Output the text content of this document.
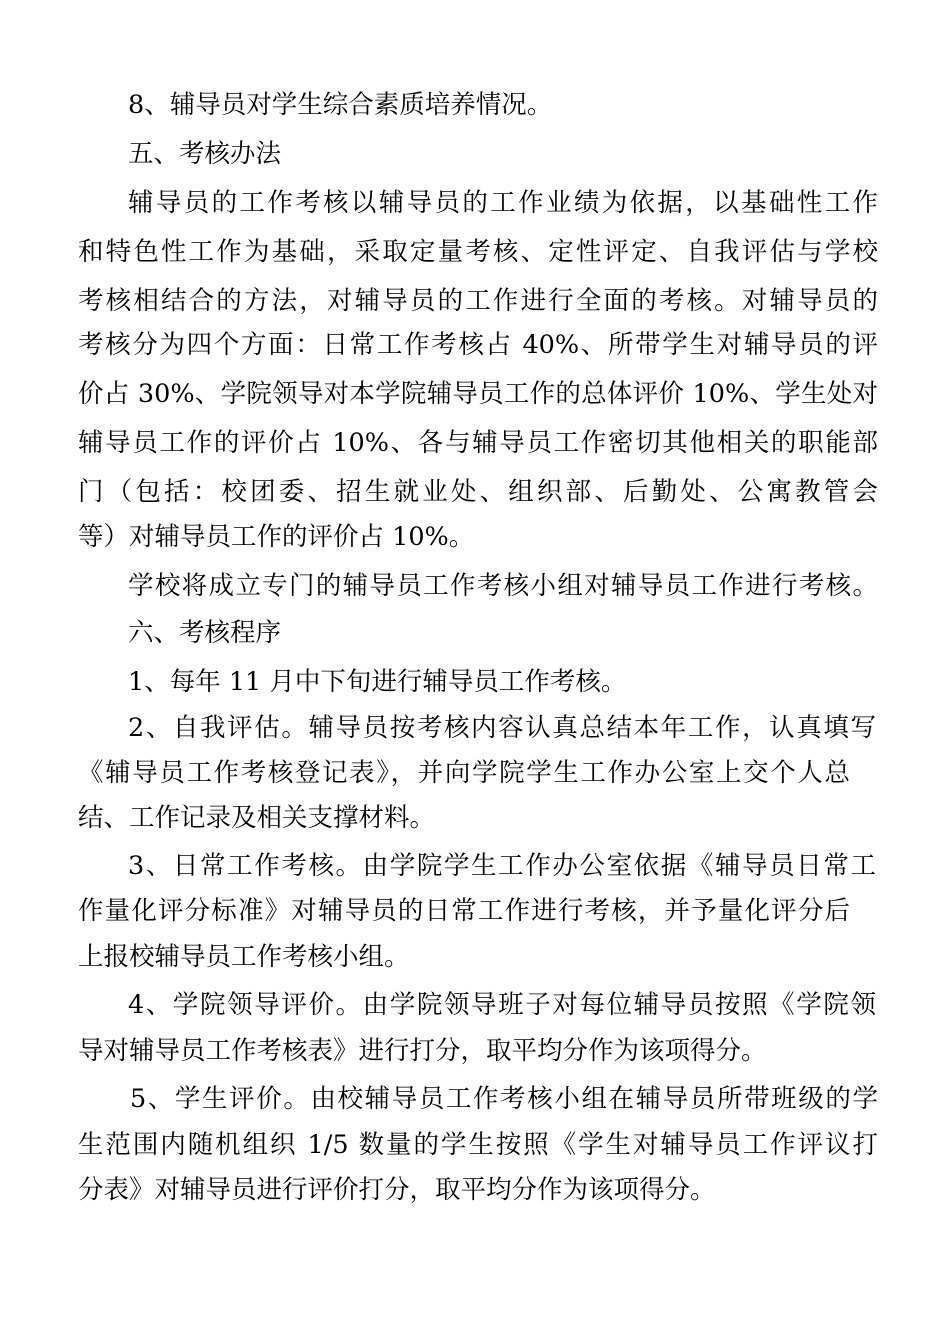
8、辅导员对学生综合素质培养情况。
五、考核办法
辅导员的工作考核以辅导员的工作业绩为依据，以基础性工作
和特色性工作为基础，采取定量考核、定性评定、自我评估与学校
考核相结合的方法，对辅导员的工作进行全面的考核。对辅导员的
考核分为四个方面：日常工作考核占 40%、所带学生对辅导员的评
价占 30%、学院领导对本学院辅导员工作的总体评价 10%、学生处对
辅导员工作的评价占 10%、各与辅导员工作密切其他相关的职能部
门（包括：校团委、招生就业处、组织部、后勤处、公寓教管会
等）对辅导员工作的评价占 10%。
学校将成立专门的辅导员工作考核小组对辅导员工作进行考核。
六、考核程序
1、每年 11 月中下旬进行辅导员工作考核。
2、自我评估。辅导员按考核内容认真总结本年工作，认真填写
《辅导员工作考核登记表》，并向学院学生工作办公室上交个人总
结、工作记录及相关支撑材料。
3、日常工作考核。由学院学生工作办公室依据《辅导员日常工
作量化评分标准》对辅导员的日常工作进行考核，并予量化评分后
上报校辅导员工作考核小组。
4、学院领导评价。由学院领导班子对每位辅导员按照《学院领
导对辅导员工作考核表》进行打分，取平均分作为该项得分。
5、学生评价。由校辅导员工作考核小组在辅导员所带班级的学
生范围内随机组织 1/5 数量的学生按照《学生对辅导员工作评议打
分表》对辅导员进行评价打分，取平均分作为该项得分。
